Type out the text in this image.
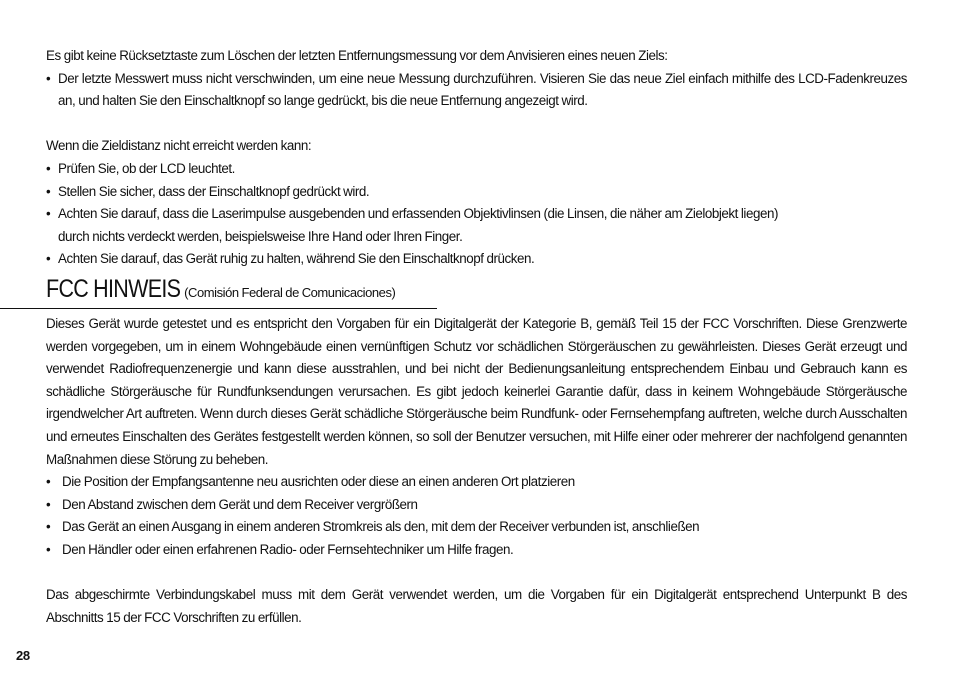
Es gibt keine Rücksetztaste zum Löschen der letzten Entfernungsmessung vor dem Anvisieren eines neuen Ziels:

• Der letzte Messwert muss nicht verschwinden, um eine neue Messung durchzuführen. Visieren Sie das neue Ziel einfach mithilfe des LCD-Fadenkreuzes an, und halten Sie den Einschaltknopf so lange gedrückt, bis die neue Entfernung angezeigt wird.

Wenn die Zieldistanz nicht erreicht werden kann:

• Prüfen Sie, ob der LCD leuchtet.
• Stellen Sie sicher, dass der Einschaltknopf gedrückt wird.
• Achten Sie darauf, dass die Laserimpulse ausgebenden und erfassenden Objektivlinsen (die Linsen, die näher am Zielobjekt liegen)
durch nichts verdeckt werden, beispielsweise Ihre Hand oder Ihren Finger.
• Achten Sie darauf, das Gerät ruhig zu halten, während Sie den Einschaltknopf drücken.
FCC HINWEIS (Comisión Federal de Comunicaciones)

Dieses Gerät wurde getestet und es entspricht den Vorgaben für ein Digitalgerät der Kategorie B, gemäß Teil 15 der FCC Vorschriften. Diese Grenzwerte werden vorgegeben, um in einem Wohngebäude einen vernünftigen Schutz vor schädlichen Störgeräuschen zu gewährleisten. Dieses Gerät erzeugt und verwendet Radiofrequenzenergie und kann diese ausstrahlen, und bei nicht der Bedienungsanleitung entsprechendem Einbau und Gebrauch kann es schädliche Störgeräusche für Rundfunksendungen verursachen. Es gibt jedoch keinerlei Garantie dafür, dass in keinem Wohngebäude Störgeräusche irgendwelcher Art auftreten. Wenn durch dieses Gerät schädliche Störgeräusche beim Rundfunk- oder Fernsehempfang auftreten, welche durch Ausschalten und erneutes Einschalten des Gerätes festgestellt werden können, so soll der Benutzer versuchen, mit Hilfe einer oder mehrerer der nachfolgend genannten Maßnahmen diese Störung zu beheben.

• Die Position der Empfangsantenne neu ausrichten oder diese an einen anderen Ort platzieren
• Den Abstand zwischen dem Gerät und dem Receiver vergrößern
• Das Gerät an einen Ausgang in einem anderen Stromkreis als den, mit dem der Receiver verbunden ist, anschließen
• Den Händler oder einen erfahrenen Radio- oder Fernsehtechniker um Hilfe fragen.

Das abgeschirmte Verbindungskabel muss mit dem Gerät verwendet werden, um die Vorgaben für ein Digitalgerät entsprechend Unterpunkt B des Abschnitts 15 der FCC Vorschriften zu erfüllen.

28
